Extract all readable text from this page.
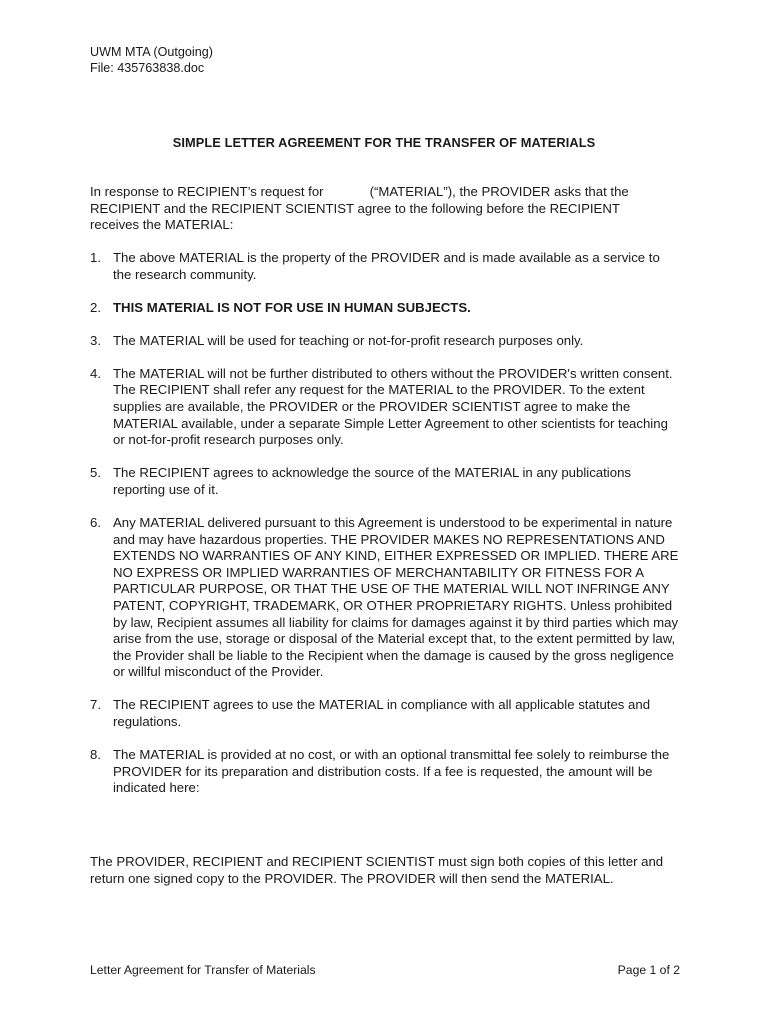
UWM MTA (Outgoing)
File: 435763838.doc
SIMPLE LETTER AGREEMENT FOR THE TRANSFER OF MATERIALS
In response to RECIPIENT’s request for	(“MATERIAL”), the PROVIDER asks that the RECIPIENT and the RECIPIENT SCIENTIST agree to the following before the RECIPIENT receives the MATERIAL:
1. The above MATERIAL is the property of the PROVIDER and is made available as a service to the research community.
2. THIS MATERIAL IS NOT FOR USE IN HUMAN SUBJECTS.
3. The MATERIAL will be used for teaching or not-for-profit research purposes only.
4. The MATERIAL will not be further distributed to others without the PROVIDER's written consent. The RECIPIENT shall refer any request for the MATERIAL to the PROVIDER. To the extent supplies are available, the PROVIDER or the PROVIDER SCIENTIST agree to make the MATERIAL available, under a separate Simple Letter Agreement to other scientists for teaching or not-for-profit research purposes only.
5. The RECIPIENT agrees to acknowledge the source of the MATERIAL in any publications reporting use of it.
6. Any MATERIAL delivered pursuant to this Agreement is understood to be experimental in nature and may have hazardous properties. THE PROVIDER MAKES NO REPRESENTATIONS AND EXTENDS NO WARRANTIES OF ANY KIND, EITHER EXPRESSED OR IMPLIED. THERE ARE NO EXPRESS OR IMPLIED WARRANTIES OF MERCHANTABILITY OR FITNESS FOR A PARTICULAR PURPOSE, OR THAT THE USE OF THE MATERIAL WILL NOT INFRINGE ANY PATENT, COPYRIGHT, TRADEMARK, OR OTHER PROPRIETARY RIGHTS. Unless prohibited by law, Recipient assumes all liability for claims for damages against it by third parties which may arise from the use, storage or disposal of the Material except that, to the extent permitted by law, the Provider shall be liable to the Recipient when the damage is caused by the gross negligence or willful misconduct of the Provider.
7. The RECIPIENT agrees to use the MATERIAL in compliance with all applicable statutes and regulations.
8. The MATERIAL is provided at no cost, or with an optional transmittal fee solely to reimburse the PROVIDER for its preparation and distribution costs. If a fee is requested, the amount will be indicated here:
The PROVIDER, RECIPIENT and RECIPIENT SCIENTIST must sign both copies of this letter and return one signed copy to the PROVIDER. The PROVIDER will then send the MATERIAL.
Letter Agreement for Transfer of Materials	Page 1 of 2
